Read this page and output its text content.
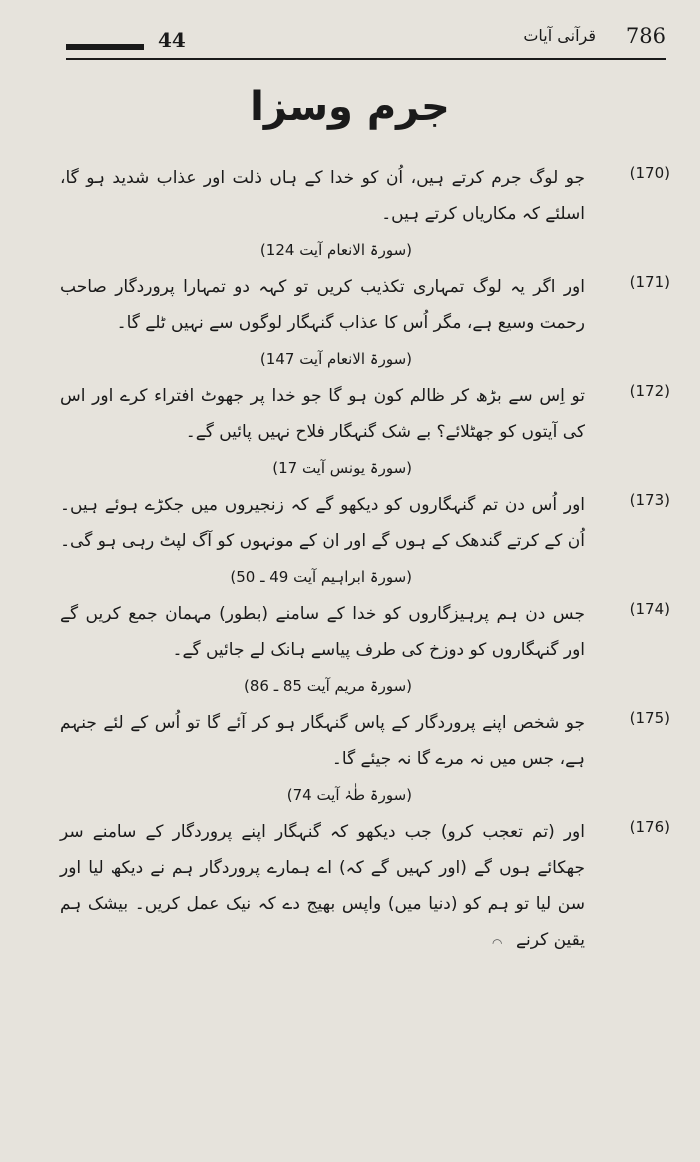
44	قرآنی آیات 786
جرم وسزا
(170)
جو لوگ جرم کرتے ہیں، اُن کو خدا کے ہاں ذلت اور عذاب شدید ہو گا، اسلئے کہ مکاریاں کرتے ہیں۔
(سورۃ الانعام آیت 124)
(171)
اور اگر یہ لوگ تمہاری تکذیب کریں تو کہہ دو تمہارا پروردگار صاحب رحمت وسیع ہے، مگر اُس کا عذاب گنہگار لوگوں سے نہیں ٹلے گا۔
(سورۃ الانعام آیت 147)
(172)
تو اِس سے بڑھ کر ظالم کون ہو گا جو خدا پر جھوٹ افتراء کرے اور اس کی آیتوں کو جھٹلائے؟ بے شک گنہگار فلاح نہیں پائیں گے۔
(سورۃ یونس آیت 17)
(173)
اور اُس دن تم گنہگاروں کو دیکھو گے کہ زنجیروں میں جکڑے ہوئے ہیں۔ اُن کے کرتے گندھک کے ہوں گے اور ان کے مونہوں کو آگ لپٹ رہی ہو گی۔
(سورۃ ابراہیم آیت 49 ـ 50)
(174)
جس دن ہم پرہیزگاروں کو خدا کے سامنے (بطور) مہمان جمع کریں گے اور گنہگاروں کو دوزخ کی طرف پیاسے ہانک لے جائیں گے۔
(سورۃ مریم آیت 85 ـ 86)
(175)
جو شخص اپنے پروردگار کے پاس گنہگار ہو کر آئے گا تو اُس کے لئے جنہم ہے، جس میں نہ مرے گا نہ جیئے گا۔
(سورۃ طٰہٰ آیت 74)
(176)
اور (تم تعجب کرو) جب دیکھو کہ گنہگار اپنے پروردگار کے سامنے سر جھکائے ہوں گے (اور کہیں گے کہ) اے ہمارے پروردگار ہم نے دیکھ لیا اور سن لیا تو ہم کو (دنیا میں) واپس بھیج دے کہ نیک عمل کریں۔ بیشک ہم یقین کرنے
◠
